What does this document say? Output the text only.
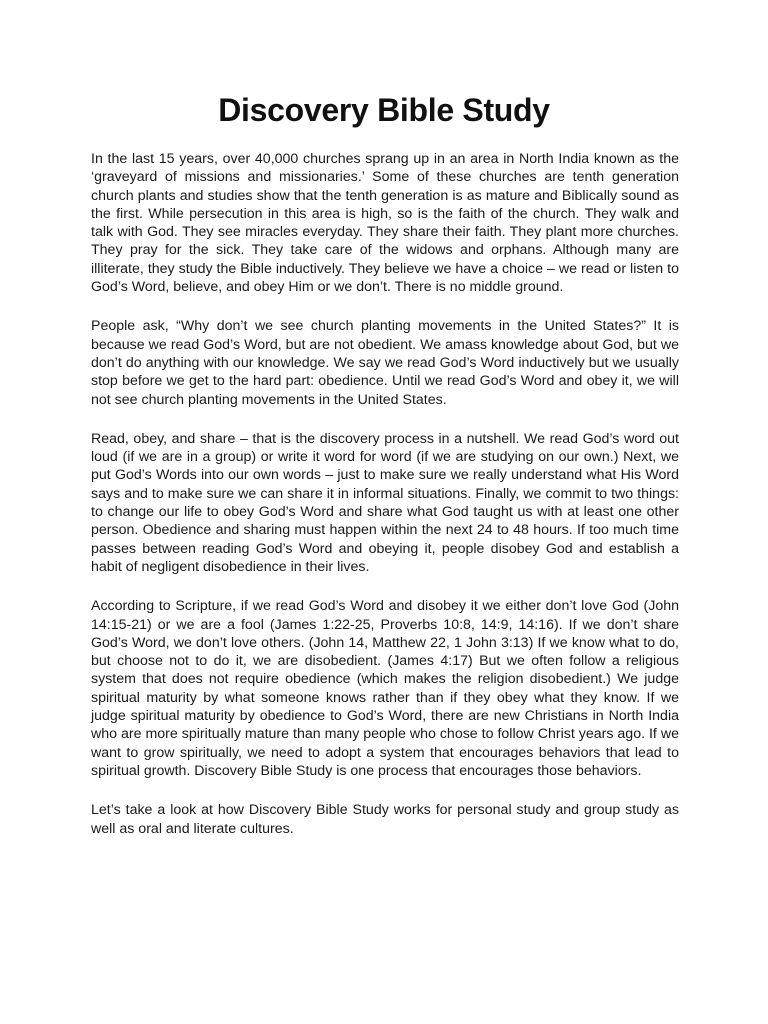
Discovery Bible Study

In the last 15 years, over 40,000 churches sprang up in an area in North India known as the ‘graveyard of missions and missionaries.’ Some of these churches are tenth generation church plants and studies show that the tenth generation is as mature and Biblically sound as the first. While persecution in this area is high, so is the faith of the church. They walk and talk with God. They see miracles everyday. They share their faith. They plant more churches. They pray for the sick. They take care of the widows and orphans. Although many are illiterate, they study the Bible inductively. They believe we have a choice – we read or listen to God’s Word, believe, and obey Him or we don’t. There is no middle ground.

People ask, “Why don’t we see church planting movements in the United States?” It is because we read God’s Word, but are not obedient. We amass knowledge about God, but we don’t do anything with our knowledge. We say we read God’s Word inductively but we usually stop before we get to the hard part: obedience. Until we read God’s Word and obey it, we will not see church planting movements in the United States.

Read, obey, and share – that is the discovery process in a nutshell. We read God’s word out loud (if we are in a group) or write it word for word (if we are studying on our own.) Next, we put God’s Words into our own words – just to make sure we really understand what His Word says and to make sure we can share it in informal situations. Finally, we commit to two things: to change our life to obey God’s Word and share what God taught us with at least one other person. Obedience and sharing must happen within the next 24 to 48 hours. If too much time passes between reading God’s Word and obeying it, people disobey God and establish a habit of negligent disobedience in their lives.

According to Scripture, if we read God’s Word and disobey it we either don’t love God (John 14:15-21) or we are a fool (James 1:22-25, Proverbs 10:8, 14:9, 14:16). If we don’t share God’s Word, we don’t love others. (John 14, Matthew 22, 1 John 3:13) If we know what to do, but choose not to do it, we are disobedient. (James 4:17) But we often follow a religious system that does not require obedience (which makes the religion disobedient.) We judge spiritual maturity by what someone knows rather than if they obey what they know. If we judge spiritual maturity by obedience to God’s Word, there are new Christians in North India who are more spiritually mature than many people who chose to follow Christ years ago. If we want to grow spiritually, we need to adopt a system that encourages behaviors that lead to spiritual growth. Discovery Bible Study is one process that encourages those behaviors.

Let’s take a look at how Discovery Bible Study works for personal study and group study as well as oral and literate cultures.
